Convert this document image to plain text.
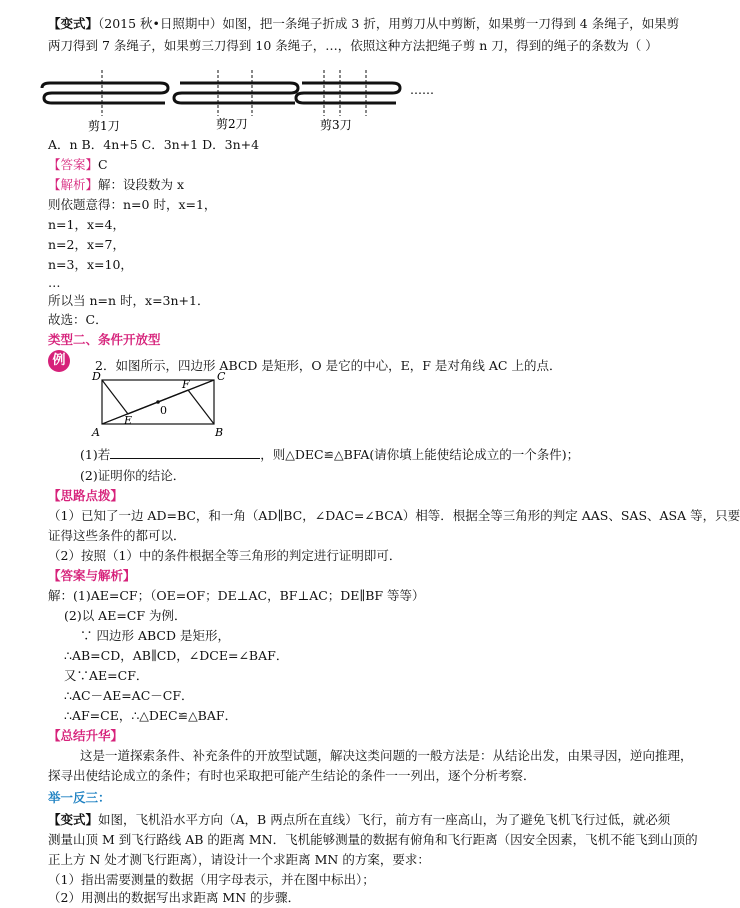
【变式】（2015 秋•日照期中）如图，把一条绳子折成 3 折，用剪刀从中剪断，如果剪一刀得到 4 条绳子，如果剪
两刀得到 7 条绳子，如果剪三刀得到 10 条绳子，…，依照这种方法把绳子剪 n 刀，得到的绳子的条数为（ ）
……
剪1刀	剪2刀	剪3刀
A．n B．4n+5 C．3n+1 D．3n+4
【答案】C
【解析】解：设段数为 x
则依题意得：n=0 时，x=1，
n=1，x=4，
n=2，x=7，
n=3，x=10，
…
所以当 n=n 时，x=3n+1．
故选：C．
类型二、条件开放型
例	2．如图所示，四边形 ABCD 是矩形，O 是它的中心，E，F 是对角线 AC 上的点．
A	B
C
D
E
F
0
(1)若	，则△DEC≌△BFA(请你填上能使结论成立的一个条件)；
(2)证明你的结论．
【思路点拨】
（1）已知了一边 AD=BC，和一角（AD∥BC，∠DAC=∠BCA）相等．根据全等三角形的判定 AAS、SAS、ASA 等，只要
证得这些条件的都可以．
（2）按照（1）中的条件根据全等三角形的判定进行证明即可．
【答案与解析】
解：(1)AE=CF；（OE=OF；DE⊥AC，BF⊥AC；DE∥BF 等等）
(2)以 AE=CF 为例．
∵ 四边形 ABCD 是矩形，
∴AB=CD，AB∥CD，∠DCE=∠BAF．
又∵AE=CF．
∴AC－AE=AC－CF．
∴AF=CE，∴△DEC≌△BAF．
【总结升华】
这是一道探索条件、补充条件的开放型试题，解决这类问题的一般方法是：从结论出发，由果寻因，逆向推理，
探寻出使结论成立的条件；有时也采取把可能产生结论的条件一一列出，逐个分析考察．
举一反三：
【变式】如图，飞机沿水平方向（A，B 两点所在直线）飞行，前方有一座高山，为了避免飞机飞行过低，就必须
测量山顶 M 到飞行路线 AB 的距离 MN．飞机能够测量的数据有俯角和飞行距离（因安全因素，飞机不能飞到山顶的
正上方 N 处才测飞行距离），请设计一个求距离 MN 的方案，要求：
（1）指出需要测量的数据（用字母表示，并在图中标出）；
（2）用测出的数据写出求距离 MN 的步骤．
